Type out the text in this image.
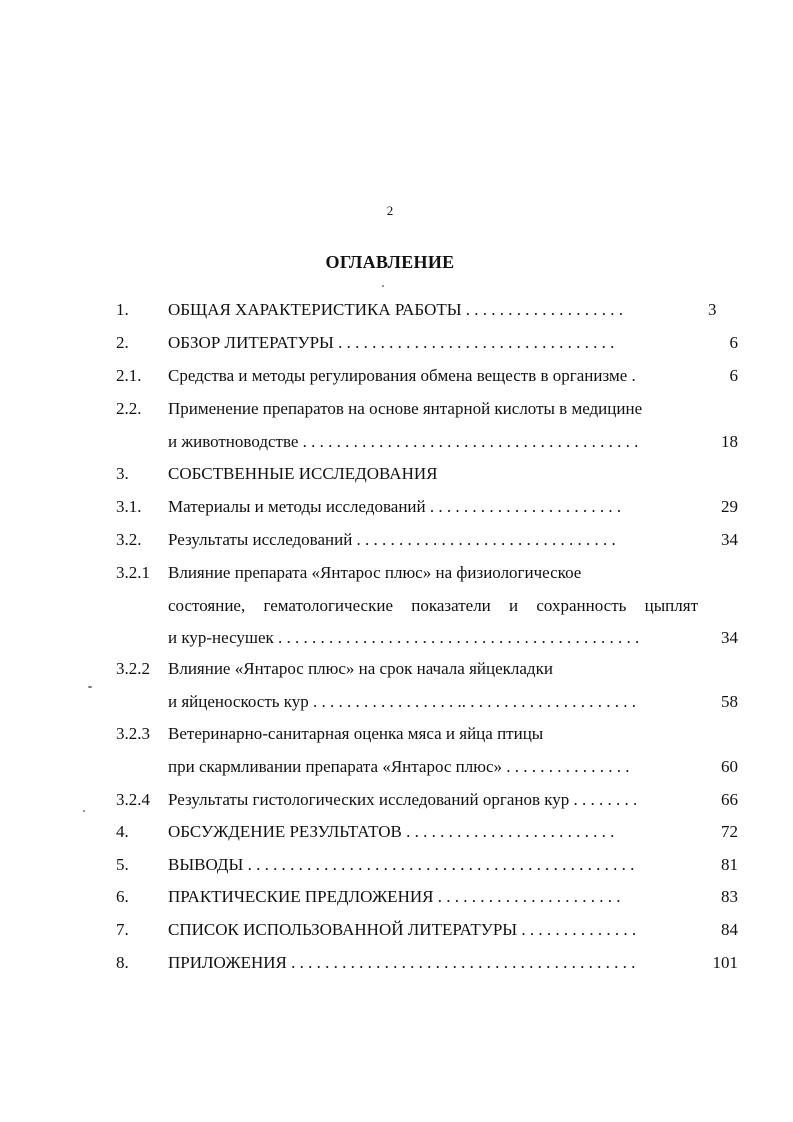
2
ОГЛАВЛЕНИЕ
1. ОБЩАЯ ХАРАКТЕРИСТИКА РАБОТЫ . . . . . . . . . . . . . . . . . . .	3
2. ОБЗОР ЛИТЕРАТУРЫ . . . . . . . . . . . . . . . . . . . . . . . . . . . . . . . . .	6
2.1. Средства и методы регулирования обмена веществ в организме .	6
2.2. Применение препаратов на основе янтарной кислоты в медицине
и животноводстве . . . . . . . . . . . . . . . . . . . . . . . . . . . . . . . . . . . . . . . .	18
3. СОБСТВЕННЫЕ ИССЛЕДОВАНИЯ
3.1. Материалы и методы исследований . . . . . . . . . . . . . . . . . . . . . . .	29
3.2. Результаты исследований . . . . . . . . . . . . . . . . . . . . . . . . . . . . . . .	34
3.2.1 Влияние препарата «Янтарос плюс» на физиологическое
состояние, гематологические показатели и сохранность цыплят
и кур-несушек . . . . . . . . . . . . . . . . . . . . . . . . . . . . . . . . . . . . . . . . . . .	34
3.2.2 Влияние «Янтарос плюс» на срок начала яйцекладки
и яйценоскость кур . . . . . . . . . . . . . . . . . .. . . . . . . . . . . . . . . . . . . . .	58
3.2.3 Ветеринарно-санитарная оценка мяса и яйца птицы
при скармливании препарата «Янтарос плюс» . . . . . . . . . . . . . . .	60
3.2.4 Результаты гистологических исследований органов кур . . . . . . . .	66
4. ОБСУЖДЕНИЕ РЕЗУЛЬТАТОВ . . . . . . . . . . . . . . . . . . . . . . . . .	72
5. ВЫВОДЫ . . . . . . . . . . . . . . . . . . . . . . . . . . . . . . . . . . . . . . . . . . . . . .	81
6. ПРАКТИЧЕСКИЕ ПРЕДЛОЖЕНИЯ . . . . . . . . . . . . . . . . . . . . . .	83
7. СПИСОК ИСПОЛЬЗОВАННОЙ ЛИТЕРАТУРЫ . . . . . . . . . . . . . .	84
8. ПРИЛОЖЕНИЯ . . . . . . . . . . . . . . . . . . . . . . . . . . . . . . . . . . . . . . . . .	101
